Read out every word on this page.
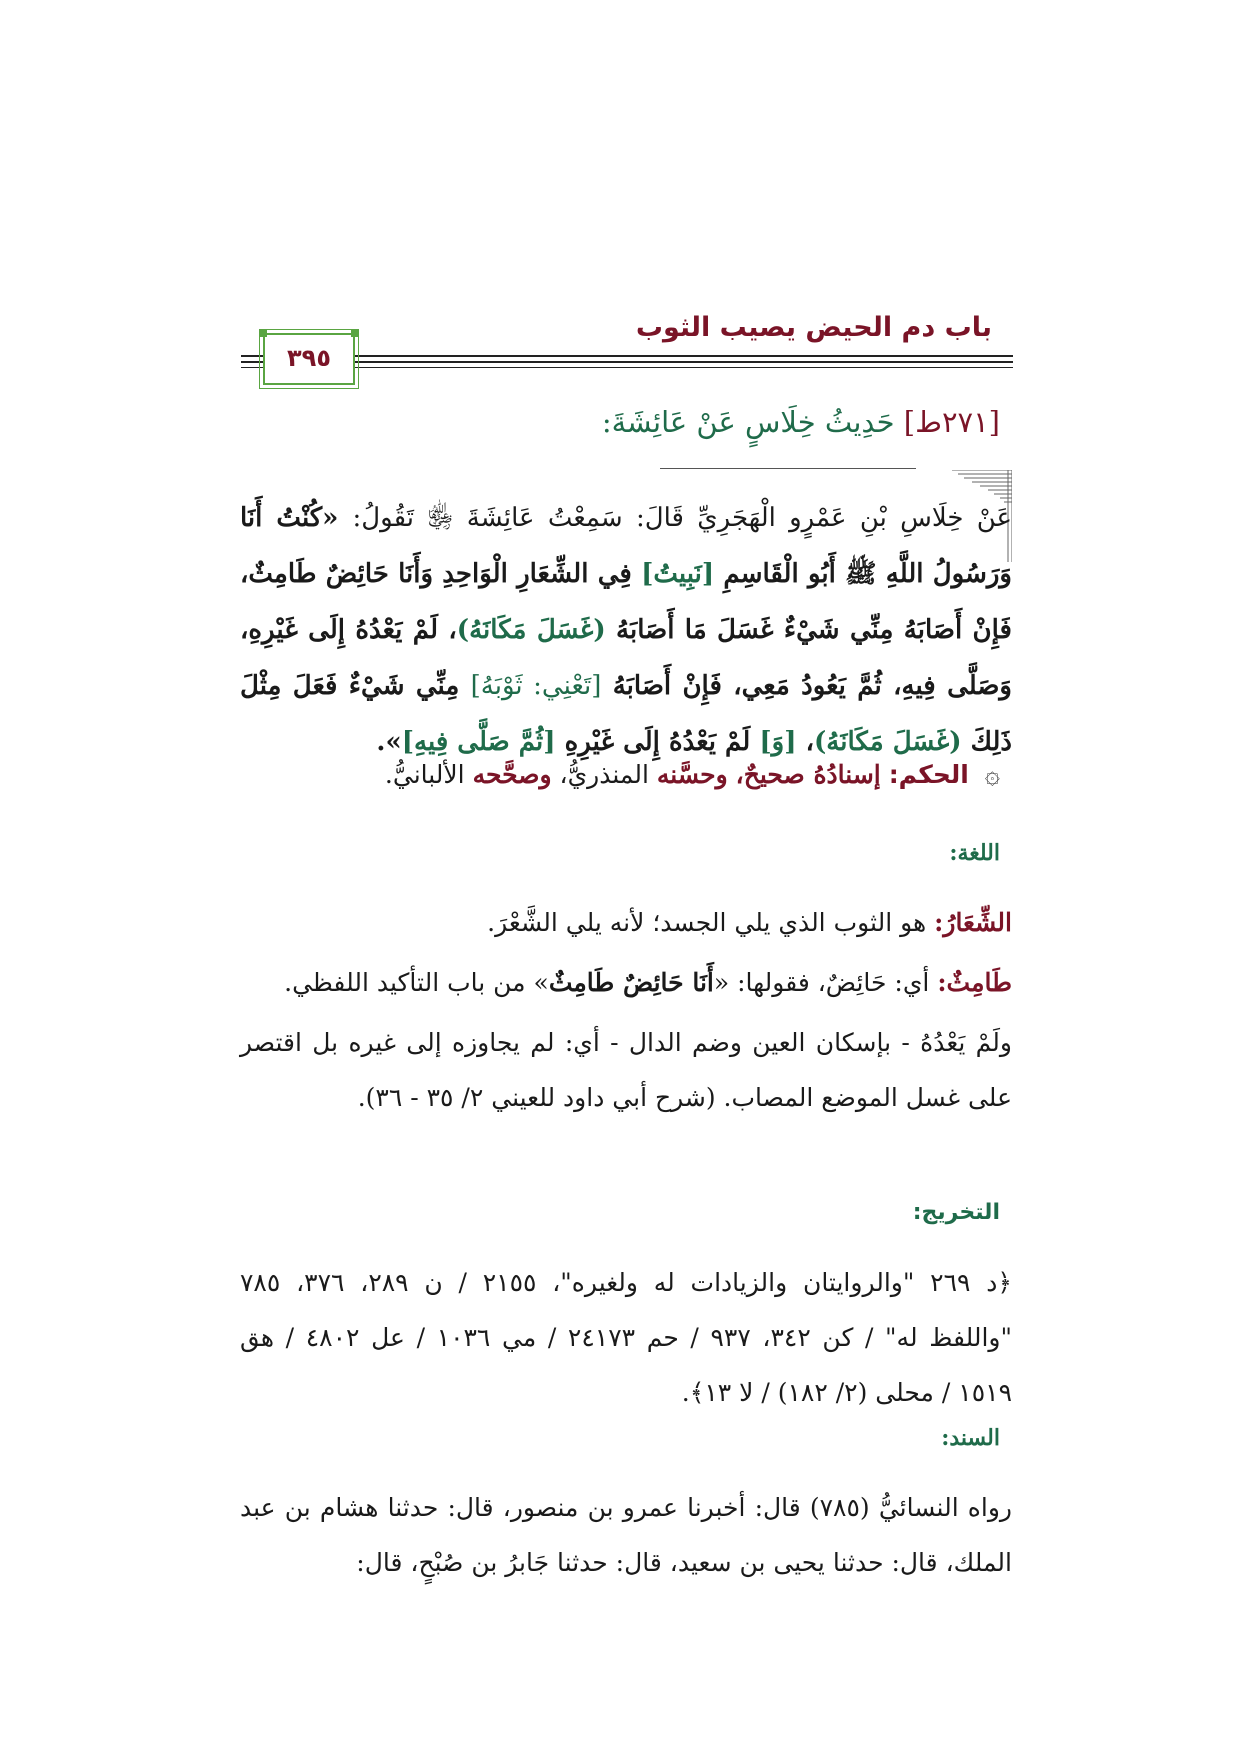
باب دم الحيض يصيب الثوب
٣٩٥
[٢٧١ط] حَدِيثُ خِلَاسٍ عَنْ عَائِشَةَ:
عَنْ خِلَاسِ بْنِ عَمْرٍو الْهَجَرِيِّ قَالَ: سَمِعْتُ عَائِشَةَ ﵂ تَقُولُ: «كُنْتُ أَنَا وَرَسُولُ اللَّهِ ﷺ أَبُو الْقَاسِمِ [نَبِيتُ] فِي الشِّعَارِ الْوَاحِدِ وَأَنَا حَائِضٌ طَامِثٌ، فَإِنْ أَصَابَهُ مِنِّي شَيْءٌ غَسَلَ مَا أَصَابَهُ (غَسَلَ مَكَانَهُ)، لَمْ يَعْدُهُ إِلَى غَيْرِهِ، وَصَلَّى فِيهِ، ثُمَّ يَعُودُ مَعِي، فَإِنْ أَصَابَهُ [تَعْنِي: ثَوْبَهُ] مِنِّي شَيْءٌ فَعَلَ مِثْلَ ذَلِكَ (غَسَلَ مَكَانَهُ)، [وَ] لَمْ يَعْدُهُ إِلَى غَيْرِهِ [ثُمَّ صَلَّى فِيهِ]».
۞ الحكم: إسنادُهُ صحيحٌ، وحسَّنه المنذريُّ، وصحَّحه الألبانيُّ.
اللغة:
الشِّعَارُ: هو الثوب الذي يلي الجسد؛ لأنه يلي الشَّعْرَ.
طَامِثٌ: أي: حَائِضٌ، فقولها: «أَنَا حَائِضٌ طَامِثٌ» من باب التأكيد اللفظي.
ولَمْ يَعْدُهُ - بإسكان العين وضم الدال - أي: لم يجاوزه إلى غيره بل اقتصر على غسل الموضع المصاب. (شرح أبي داود للعيني ٢/ ٣٥ - ٣٦).
التخريج:
﴿د ٢٦٩ "والروايتان والزيادات له ولغيره"، ٢١٥٥ / ن ٢٨٩، ٣٧٦، ٧٨٥ "واللفظ له" / كن ٣٤٢، ٩٣٧ / حم ٢٤١٧٣ / مي ١٠٣٦ / عل ٤٨٠٢ / هق ١٥١٩ / محلى (٢/ ١٨٢) / لا ١٣﴾.
السند:
رواه النسائيُّ (٧٨٥) قال: أخبرنا عمرو بن منصور، قال: حدثنا هشام بن عبد الملك، قال: حدثنا يحيى بن سعيد، قال: حدثنا جَابرُ بن صُبْحٍ، قال:
